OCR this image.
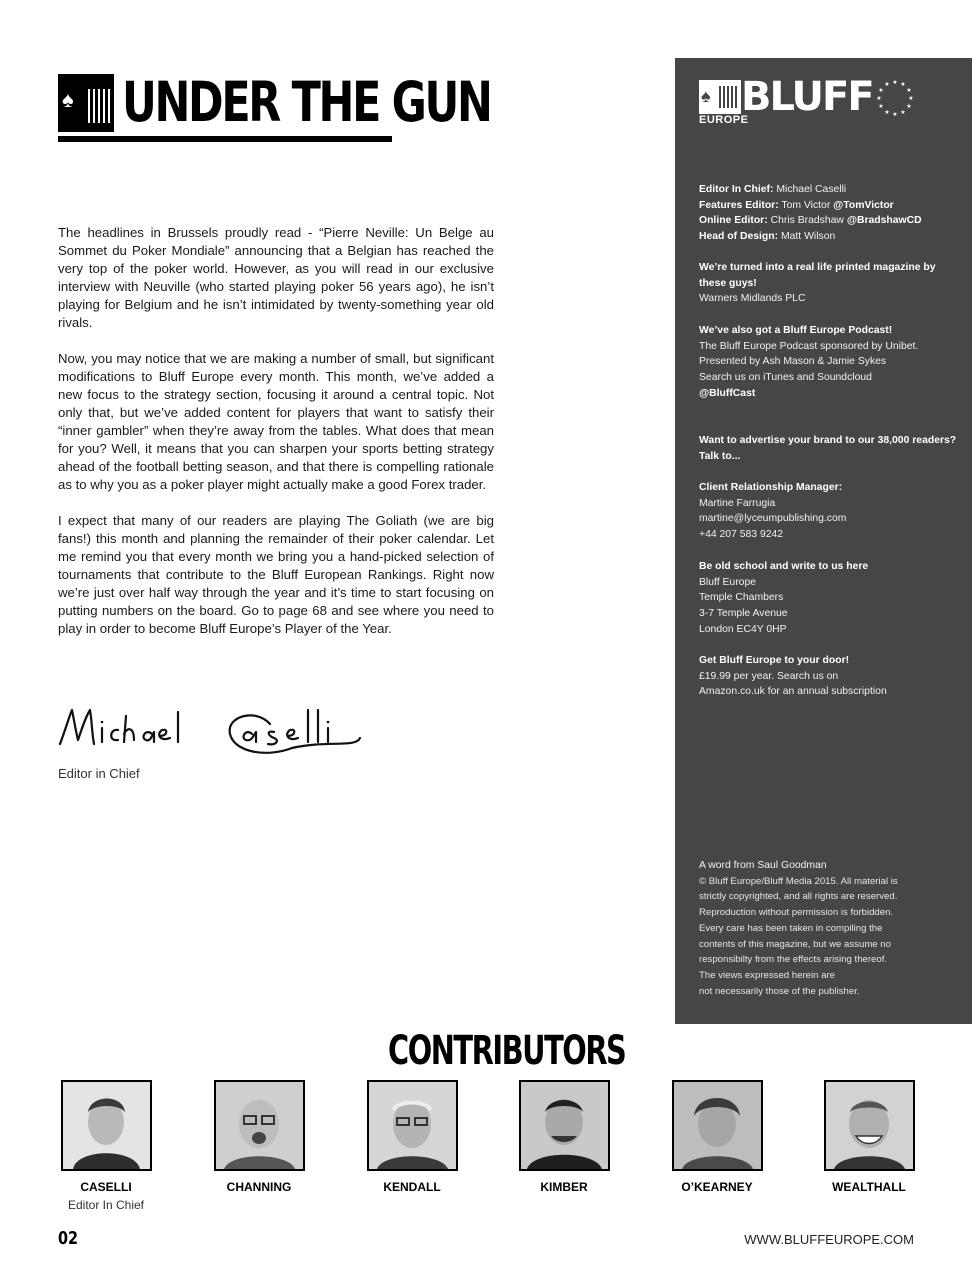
♠ UNDER THE GUN

The headlines in Brussels proudly read - “Pierre Neville: Un Belge au Sommet du Poker Mondiale” announcing that a Belgian has reached the very top of the poker world. However, as you will read in our exclusive interview with Neuville (who started playing poker 56 years ago), he isn’t playing for Belgium and he isn’t intimidated by twenty-something year old rivals.

Now, you may notice that we are making a number of small, but significant modifications to Bluff Europe every month. This month, we’ve added a new focus to the strategy section, focusing it around a central topic. Not only that, but we’ve added content for players that want to satisfy their “inner gambler” when they’re away from the tables. What does that mean for you? Well, it means that you can sharpen your sports betting strategy ahead of the football betting season, and that there is compelling rationale as to why you as a poker player might actually make a good Forex trader.

I expect that many of our readers are playing The Goliath (we are big fans!) this month and planning the remainder of their poker calendar. Let me remind you that every month we bring you a hand-picked selection of tournaments that contribute to the Bluff European Rankings. Right now we’re just over half way through the year and it’s time to start focusing on putting numbers on the board. Go to page 68 and see where you need to play in order to become Bluff Europe’s Player of the Year.

Editor in Chief
♠ BLUFF
EUROPE
★ ★
★
★
★
★
★
★
★
★
★
★
Editor In Chief: Michael Caselli
Features Editor: Tom Victor @TomVictor
Online Editor: Chris Bradshaw @BradshawCD
Head of Design: Matt Wilson
We’re turned into a real life printed magazine by these guys!
Warners Midlands PLC
We’ve also got a Bluff Europe Podcast!
The Bluff Europe Podcast sponsored by Unibet.
Presented by Ash Mason & Jamie Sykes
Search us on iTunes and Soundcloud
@BluffCast
Want to advertise your brand to our 38,000 readers? Talk to...
Client Relationship Manager:
Martine Farrugia
martine@lyceumpublishing.com
+44 207 583 9242
Be old school and write to us here
Bluff Europe
Temple Chambers
3-7 Temple Avenue
London EC4Y 0HP
Get Bluff Europe to your door!
£19.99 per year. Search us on
Amazon.co.uk for an annual subscription
A word from Saul Goodman
© Bluff Europe/Bluff Media 2015. All material is
strictly copyrighted, and all rights are reserved.
Reproduction without permission is forbidden.
Every care has been taken in compiling the
contents of this magazine, but we assume no
responsibilty from the effects arising thereof.
The views expressed herein are
not necessarily those of the publisher.
CONTRIBUTORS
CASELLI
Editor In Chief
CHANNING	KENDALL	KIMBER	O’KEARNEY	WEALTHALL
02	WWW.BLUFFEUROPE.COM
